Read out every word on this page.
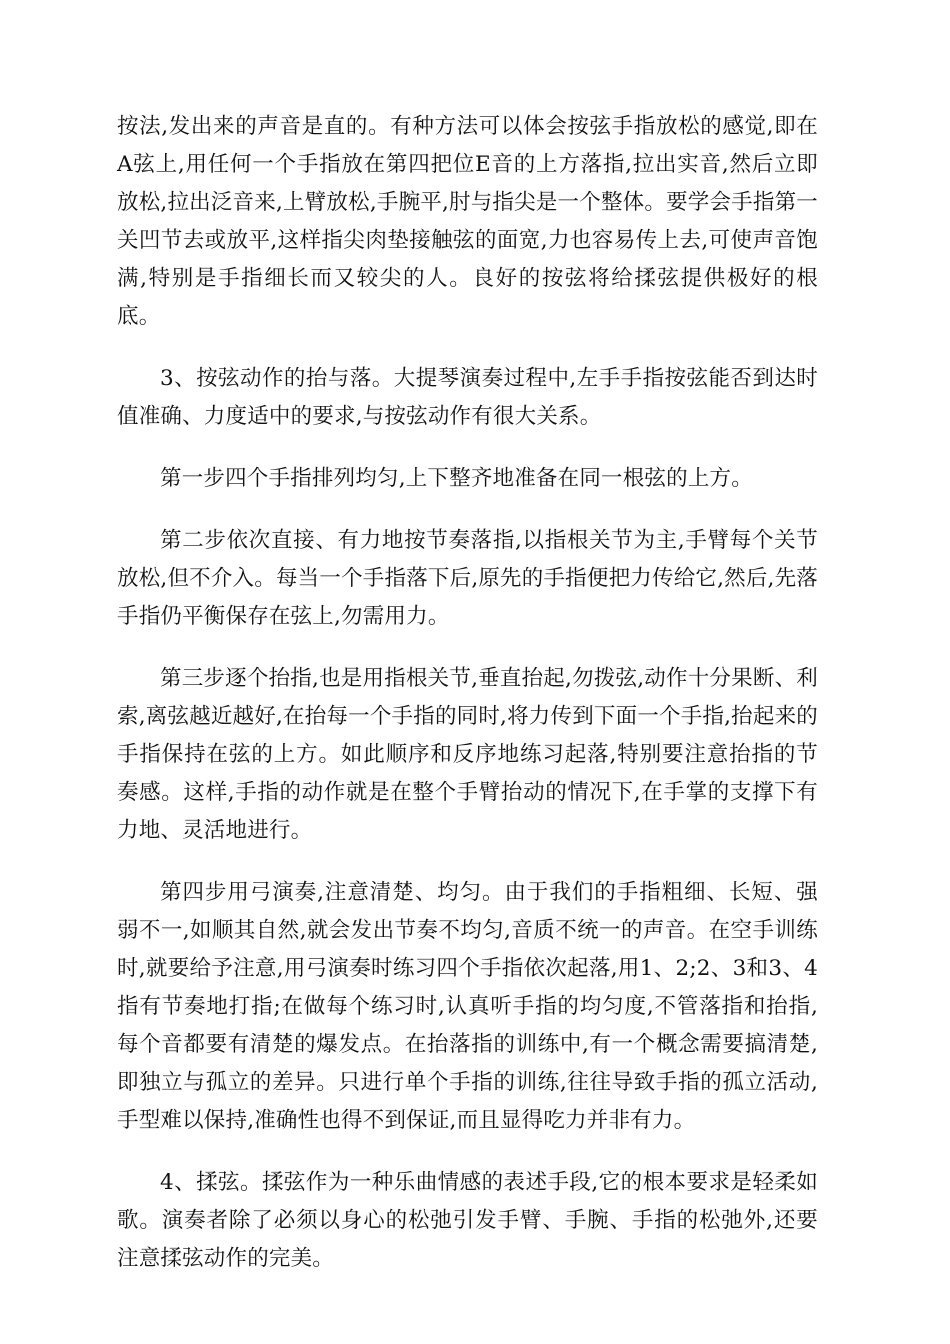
按法,发出来的声音是直的。有种方法可以体会按弦手指放松的感觉,即在A弦上,用任何一个手指放在第四把位E音的上方落指,拉出实音,然后立即放松,拉出泛音来,上臂放松,手腕平,肘与指尖是一个整体。要学会手指第一关凹节去或放平,这样指尖肉垫接触弦的面宽,力也容易传上去,可使声音饱满,特别是手指细长而又较尖的人。良好的按弦将给揉弦提供极好的根底。

3、按弦动作的抬与落。大提琴演奏过程中,左手手指按弦能否到达时值准确、力度适中的要求,与按弦动作有很大关系。

第一步四个手指排列均匀,上下整齐地准备在同一根弦的上方。

第二步依次直接、有力地按节奏落指,以指根关节为主,手臂每个关节放松,但不介入。每当一个手指落下后,原先的手指便把力传给它,然后,先落手指仍平衡保存在弦上,勿需用力。

第三步逐个抬指,也是用指根关节,垂直抬起,勿拨弦,动作十分果断、利索,离弦越近越好,在抬每一个手指的同时,将力传到下面一个手指,抬起来的手指保持在弦的上方。如此顺序和反序地练习起落,特别要注意抬指的节奏感。这样,手指的动作就是在整个手臂抬动的情况下,在手掌的支撑下有力地、灵活地进行。

第四步用弓演奏,注意清楚、均匀。由于我们的手指粗细、长短、强弱不一,如顺其自然,就会发出节奏不均匀,音质不统一的声音。在空手训练时,就要给予注意,用弓演奏时练习四个手指依次起落,用1、2;2、3和3、4指有节奏地打指;在做每个练习时,认真听手指的均匀度,不管落指和抬指,每个音都要有清楚的爆发点。在抬落指的训练中,有一个概念需要搞清楚,即独立与孤立的差异。只进行单个手指的训练,往往导致手指的孤立活动,手型难以保持,准确性也得不到保证,而且显得吃力并非有力。

4、揉弦。揉弦作为一种乐曲情感的表述手段,它的根本要求是轻柔如歌。演奏者除了必须以身心的松弛引发手臂、手腕、手指的松弛外,还要注意揉弦动作的完美。
